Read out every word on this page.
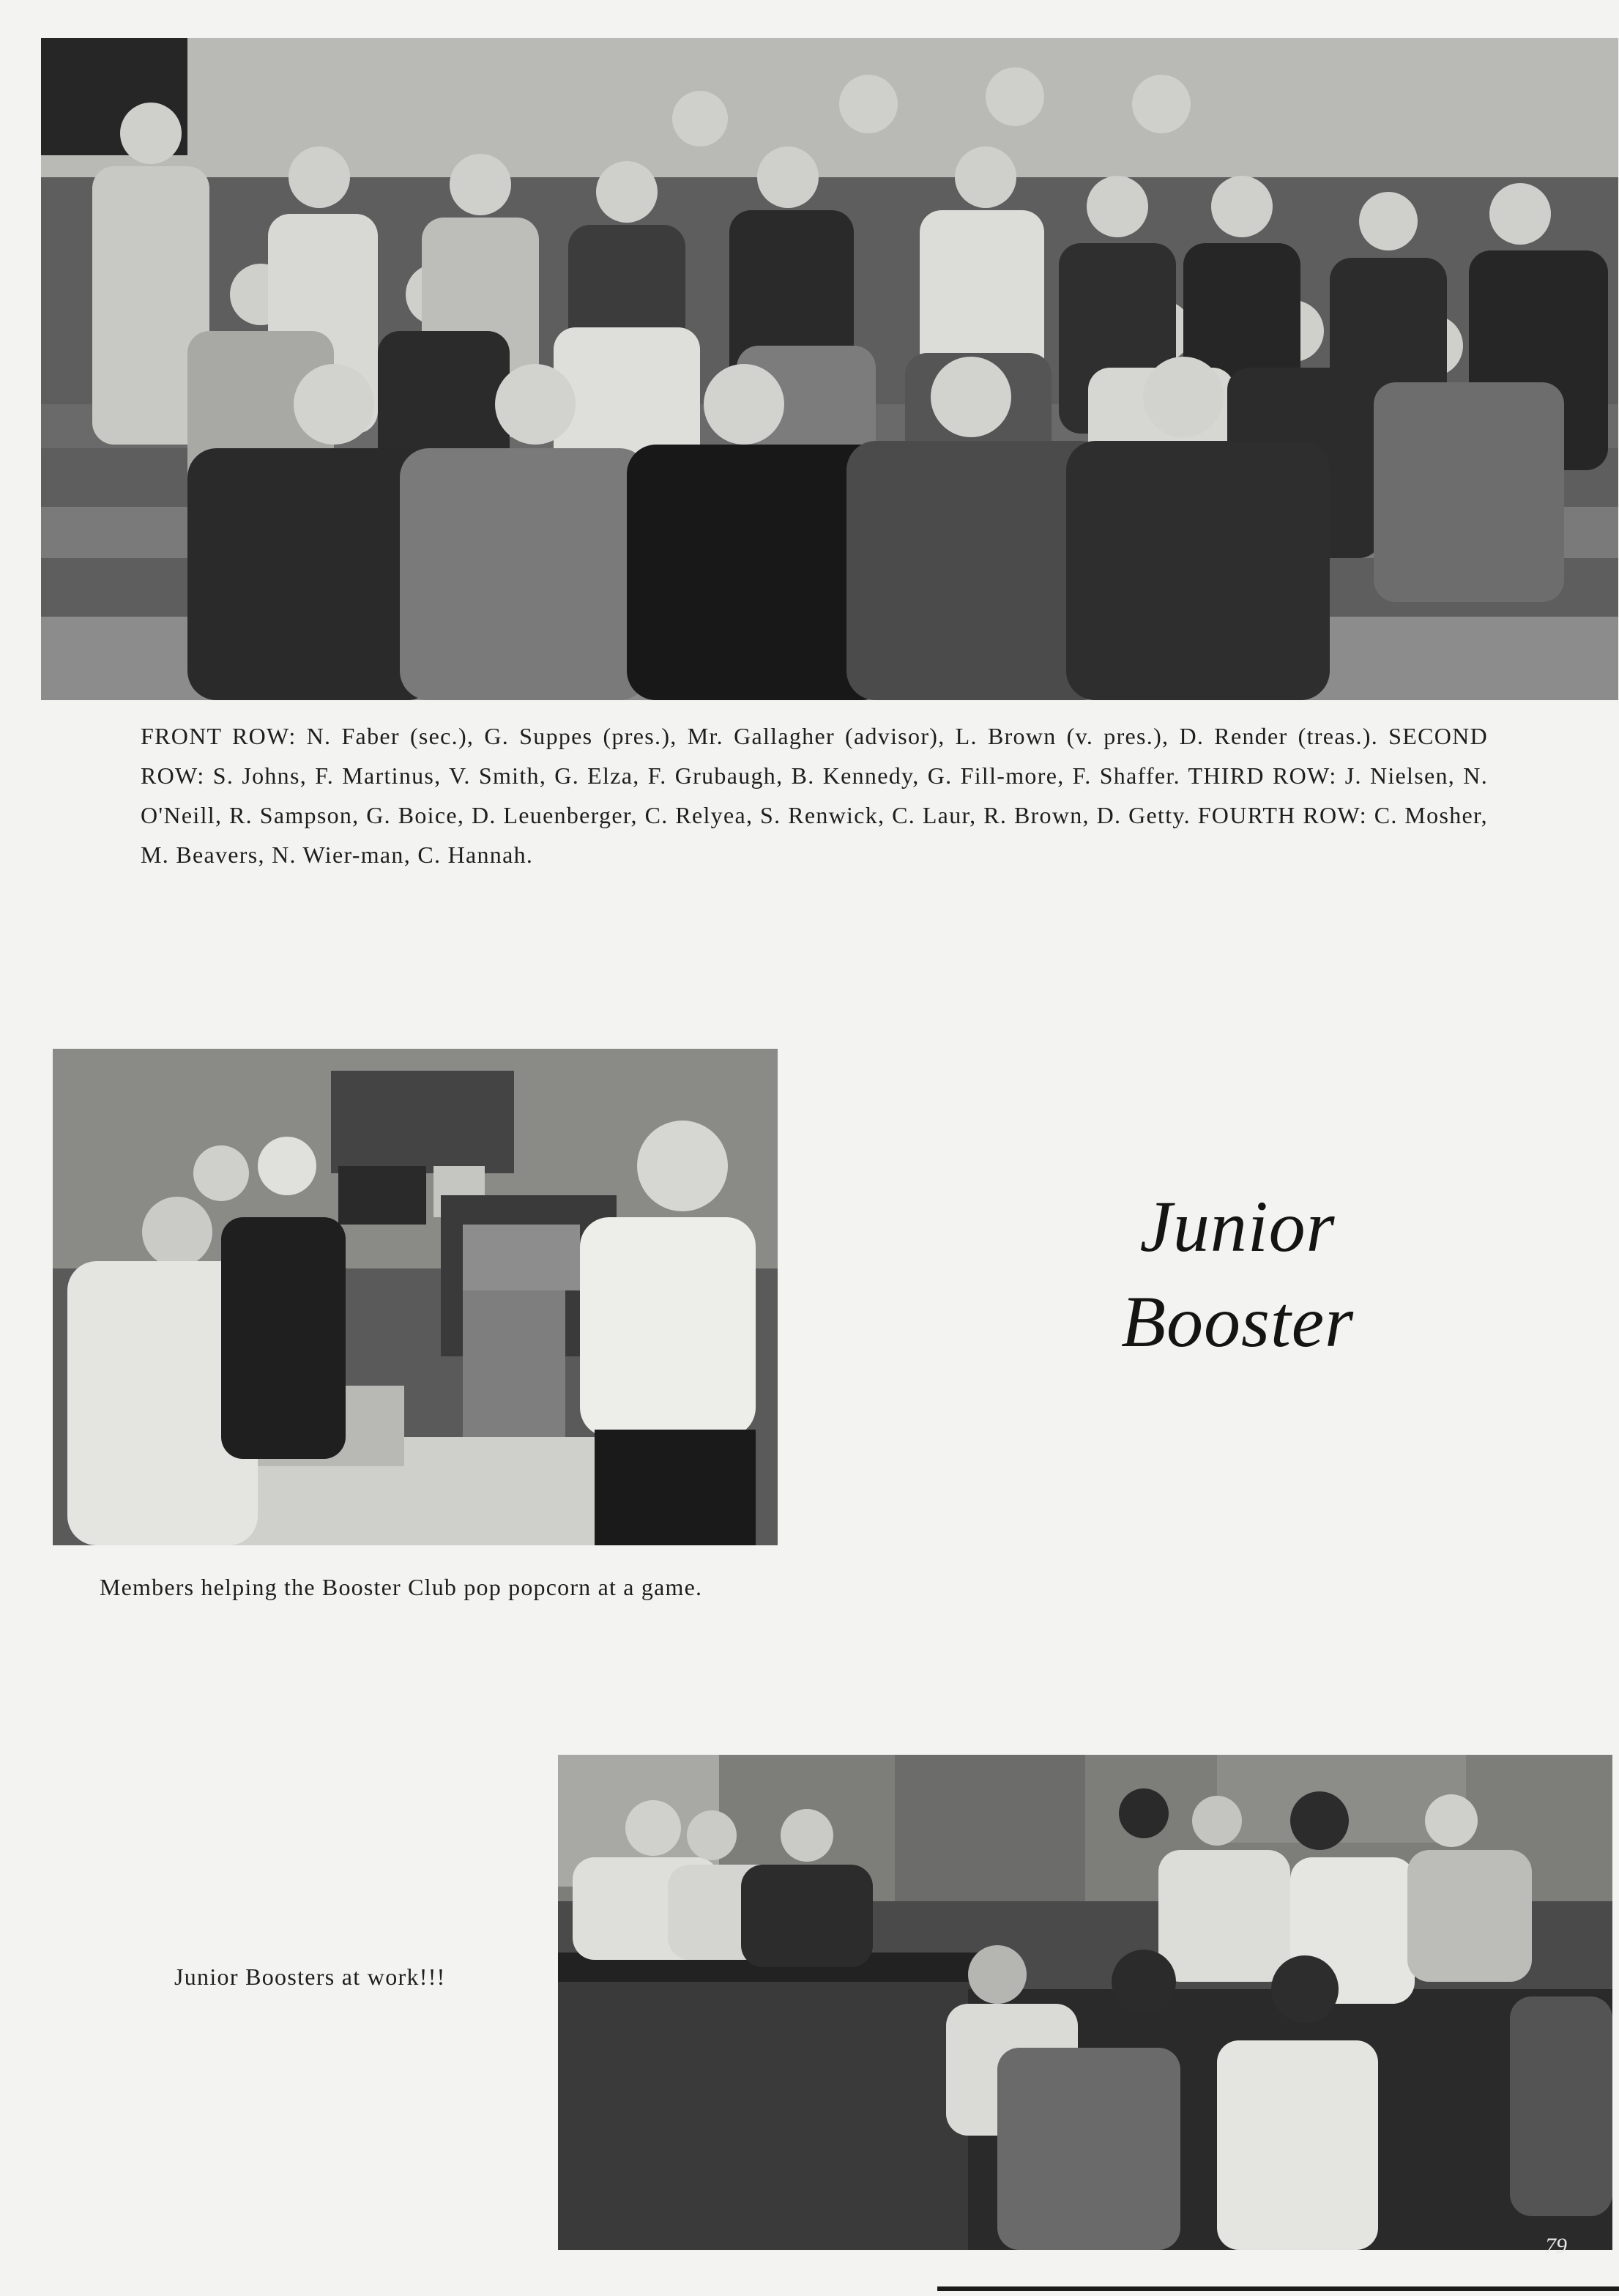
FRONT ROW: N. Faber (sec.), G. Suppes (pres.), Mr. Gallagher (advisor), L. Brown (v. pres.), D. Render (treas.). SECOND ROW: S. Johns, F. Martinus, V. Smith, G. Elza, F. Grubaugh, B. Kennedy, G. Fill-more, F. Shaffer. THIRD ROW: J. Nielsen, N. O'Neill, R. Sampson, G. Boice, D. Leuenberger, C. Relyea, S. Renwick, C. Laur, R. Brown, D. Getty. FOURTH ROW: C. Mosher, M. Beavers, N. Wier-man, C. Hannah.
Members helping the Booster Club pop popcorn at a game.
Junior
Booster
Junior Boosters at work!!!
79
